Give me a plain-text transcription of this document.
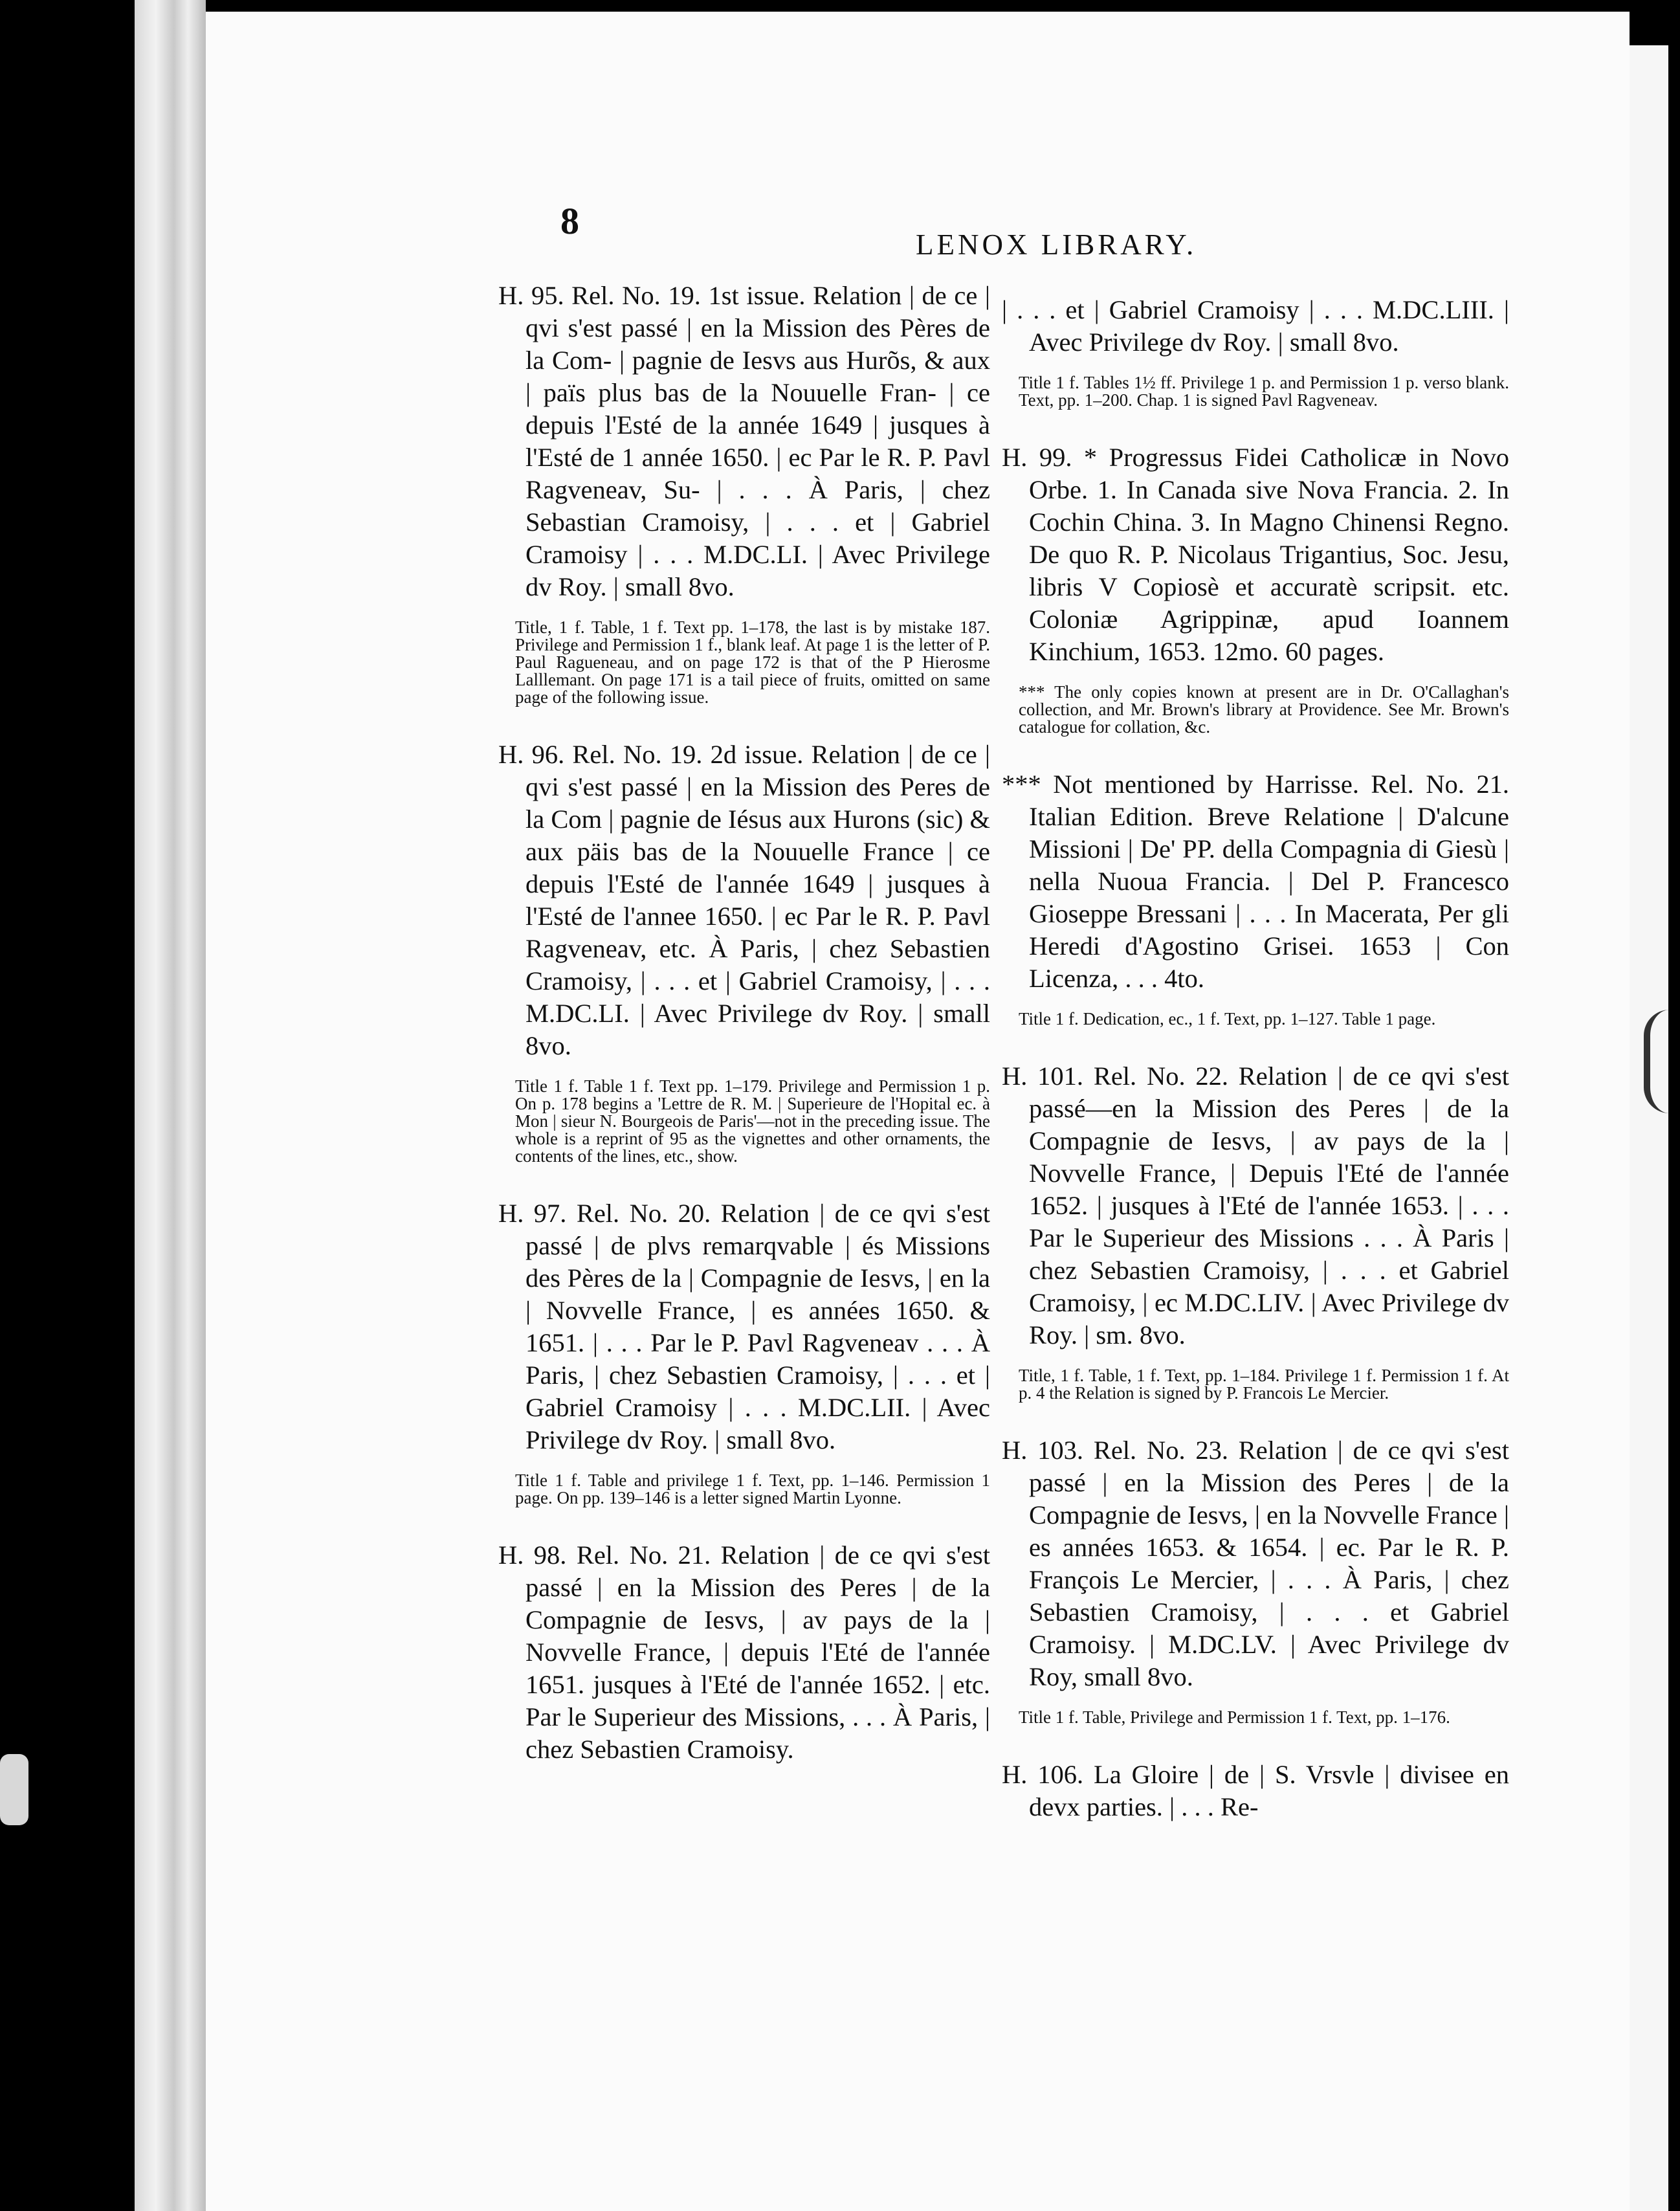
8
LENOX LIBRARY.

H. 95. Rel. No. 19. 1st issue. Relation | de ce | qvi s'est passé | en la Mission des Pères de la Com- | pagnie de Iesvs aus Hurõs, & aux | païs plus bas de la Nouuelle Fran- | ce depuis l'Esté de la année 1649 | jusques à l'Esté de 1 année 1650. | ec Par le R. P. Pavl Ragveneav, Su- | . . . À Paris, | chez Sebastian Cramoisy, | . . . et | Gabriel Cramoisy | . . . M.DC.LI. | Avec Privilege dv Roy. | small 8vo.

Title, 1 f. Table, 1 f. Text pp. 1–178, the last is by mistake 187. Privilege and Permission 1 f., blank leaf. At page 1 is the letter of P. Paul Ragueneau, and on page 172 is that of the P Hierosme Lalllemant. On page 171 is a tail piece of fruits, omitted on same page of the following issue.

H. 96. Rel. No. 19. 2d issue. Relation | de ce | qvi s'est passé | en la Mission des Peres de la Com | pagnie de Iésus aux Hurons (sic) & aux päis bas de la Nouuelle France | ce depuis l'Esté de l'année 1649 | jusques à l'Esté de l'annee 1650. | ec Par le R. P. Pavl Ragveneav, etc. À Paris, | chez Sebastien Cramoisy, | . . . et | Gabriel Cramoisy, | . . . M.DC.LI. | Avec Privilege dv Roy. | small 8vo.

Title 1 f. Table 1 f. Text pp. 1–179. Privilege and Permission 1 p. On p. 178 begins a 'Lettre de R. M. | Superieure de l'Hopital ec. à Mon | sieur N. Bourgeois de Paris'—not in the preceding issue. The whole is a reprint of 95 as the vignettes and other ornaments, the contents of the lines, etc., show.

H. 97. Rel. No. 20. Relation | de ce qvi s'est passé | de plvs remarqvable | és Missions des Pères de la | Compagnie de Iesvs, | en la | Novvelle France, | es années 1650. & 1651. | . . . Par le P. Pavl Ragveneav . . . À Paris, | chez Sebastien Cramoisy, | . . . et | Gabriel Cramoisy | . . . M.DC.LII. | Avec Privilege dv Roy. | small 8vo.

Title 1 f. Table and privilege 1 f. Text, pp. 1–146. Permission 1 page. On pp. 139–146 is a letter signed Martin Lyonne.

H. 98. Rel. No. 21. Relation | de ce qvi s'est passé | en la Mission des Peres | de la Compagnie de Iesvs, | av pays de la | Novvelle France, | depuis l'Eté de l'année 1651. jusques à l'Eté de l'année 1652. | etc. Par le Superieur des Missions, . . . À Paris, | chez Sebastien Cramoisy.

| . . . et | Gabriel Cramoisy | . . . M.DC.LIII. | Avec Privilege dv Roy. | small 8vo.

Title 1 f. Tables 1½ ff. Privilege 1 p. and Permission 1 p. verso blank. Text, pp. 1–200. Chap. 1 is signed Pavl Ragveneav.

H. 99. * Progressus Fidei Catholicæ in Novo Orbe. 1. In Canada sive Nova Francia. 2. In Cochin China. 3. In Magno Chinensi Regno. De quo R. P. Nicolaus Trigantius, Soc. Jesu, libris V Copiosè et accuratè scripsit. etc. Coloniæ Agrippinæ, apud Ioannem Kinchium, 1653. 12mo. 60 pages.

*** The only copies known at present are in Dr. O'Callaghan's collection, and Mr. Brown's library at Providence. See Mr. Brown's catalogue for collation, &c.

*** Not mentioned by Harrisse. Rel. No. 21. Italian Edition. Breve Relatione | D'alcune Missioni | De' PP. della Compagnia di Giesù | nella Nuoua Francia. | Del P. Francesco Gioseppe Bressani | . . . In Macerata, Per gli Heredi d'Agostino Grisei. 1653 | Con Licenza, . . . 4to.

Title 1 f. Dedication, ec., 1 f. Text, pp. 1–127. Table 1 page.

H. 101. Rel. No. 22. Relation | de ce qvi s'est passé—en la Mission des Peres | de la Compagnie de Iesvs, | av pays de la | Novvelle France, | Depuis l'Eté de l'année 1652. | jusques à l'Eté de l'année 1653. | . . . Par le Superieur des Missions . . . À Paris | chez Sebastien Cramoisy, | . . . et Gabriel Cramoisy, | ec M.DC.LIV. | Avec Privilege dv Roy. | sm. 8vo.

Title, 1 f. Table, 1 f. Text, pp. 1–184. Privilege 1 f. Permission 1 f. At p. 4 the Relation is signed by P. Francois Le Mercier.

H. 103. Rel. No. 23. Relation | de ce qvi s'est passé | en la Mission des Peres | de la Compagnie de Iesvs, | en la Novvelle France | es années 1653. & 1654. | ec. Par le R. P. François Le Mercier, | . . . À Paris, | chez Sebastien Cramoisy, | . . . et Gabriel Cramoisy. | M.DC.LV. | Avec Privilege dv Roy, small 8vo.

Title 1 f. Table, Privilege and Permission 1 f. Text, pp. 1–176.

H. 106. La Gloire | de | S. Vrsvle | divisee en devx parties. | . . . Re-
